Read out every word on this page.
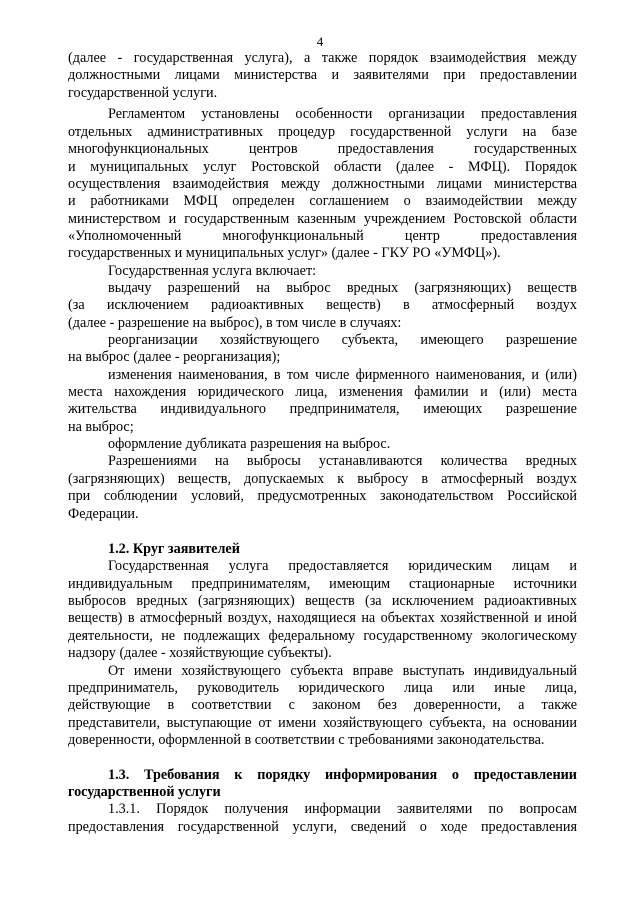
4
(далее - государственная услуга), а также порядок взаимодействия между
должностными лицами министерства и заявителями при предоставлении
государственной услуги.
Регламентом установлены особенности организации предоставления
отдельных административных процедур государственной услуги на базе
многофункциональных центров предоставления государственных
и муниципальных услуг Ростовской области (далее - МФЦ). Порядок
осуществления взаимодействия между должностными лицами министерства
и работниками МФЦ определен соглашением о взаимодействии между
министерством и государственным казенным учреждением Ростовской области
«Уполномоченный многофункциональный центр предоставления
государственных и муниципальных услуг» (далее - ГКУ РО «УМФЦ»).
Государственная услуга включает:
выдачу разрешений на выброс вредных (загрязняющих) веществ
(за исключением радиоактивных веществ) в атмосферный воздух
(далее - разрешение на выброс), в том числе в случаях:
реорганизации хозяйствующего субъекта, имеющего разрешение
на выброс (далее - реорганизация);
изменения наименования, в том числе фирменного наименования, и (или)
места нахождения юридического лица, изменения фамилии и (или) места
жительства индивидуального предпринимателя, имеющих разрешение
на выброс;
оформление дубликата разрешения на выброс.
Разрешениями на выбросы устанавливаются количества вредных
(загрязняющих) веществ, допускаемых к выбросу в атмосферный воздух
при соблюдении условий, предусмотренных законодательством Российской
Федерации.
1.2. Круг заявителей
Государственная услуга предоставляется юридическим лицам и
индивидуальным предпринимателям, имеющим стационарные источники
выбросов вредных (загрязняющих) веществ (за исключением радиоактивных
веществ) в атмосферный воздух, находящиеся на объектах хозяйственной и иной
деятельности, не подлежащих федеральному государственному экологическому
надзору (далее - хозяйствующие субъекты).
От имени хозяйствующего субъекта вправе выступать индивидуальный
предприниматель, руководитель юридического лица или иные лица,
действующие в соответствии с законом без доверенности, а также
представители, выступающие от имени хозяйствующего субъекта, на основании
доверенности, оформленной в соответствии с требованиями законодательства.
1.3. Требования к порядку информирования о предоставлении
государственной услуги
1.3.1. Порядок получения информации заявителями по вопросам
предоставления государственной услуги, сведений о ходе предоставления
